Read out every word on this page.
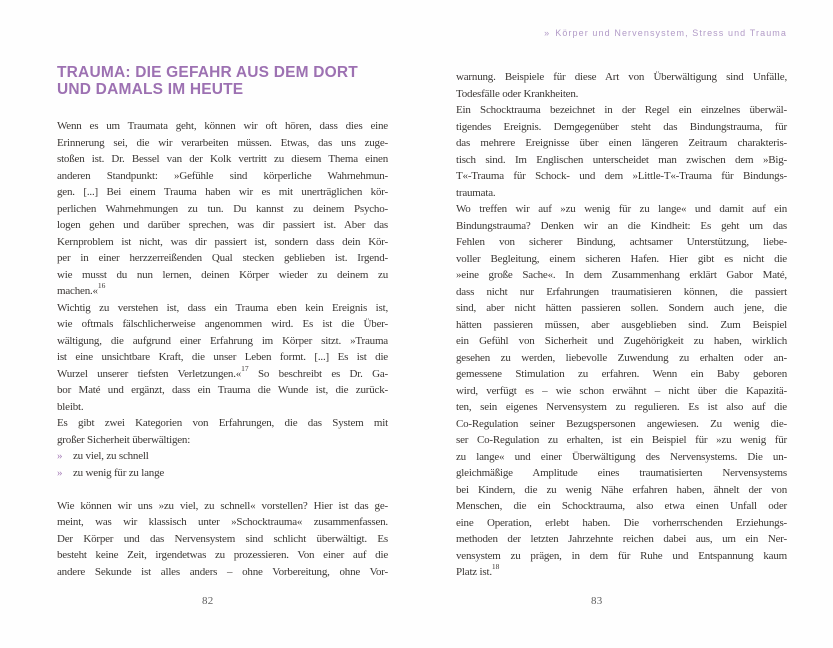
TRAUMA: DIE GEFAHR AUS DEM DORT
UND DAMALS IM HEUTE
Wenn es um Traumata geht, können wir oft hören, dass dies eine
Erinnerung sei, die wir verarbeiten müssen. Etwas, das uns zuge-
stoßen ist. Dr. Bessel van der Kolk vertritt zu diesem Thema einen
anderen Standpunkt: »Gefühle sind körperliche Wahrnehmun-
gen. [...] Bei einem Trauma haben wir es mit unerträglichen kör-
perlichen Wahrnehmungen zu tun. Du kannst zu deinem Psycho-
logen gehen und darüber sprechen, was dir passiert ist. Aber das
Kernproblem ist nicht, was dir passiert ist, sondern dass dein Kör-
per in einer herzzerreißenden Qual stecken geblieben ist. Irgend-
wie musst du nun lernen, deinen Körper wieder zu deinem zu
machen.«$^{16}$
Wichtig zu verstehen ist, dass ein Trauma eben kein Ereignis ist,
wie oftmals fälschlicherweise angenommen wird. Es ist die Über-
wältigung, die aufgrund einer Erfahrung im Körper sitzt. »Trauma
ist eine unsichtbare Kraft, die unser Leben formt. [...] Es ist die
Wurzel unserer tiefsten Verletzungen.«$^{17}$ So beschreibt es Dr. Ga-
bor Maté und ergänzt, dass ein Trauma die Wunde ist, die zurück-
bleibt.
Es gibt zwei Kategorien von Erfahrungen, die das System mit
großer Sicherheit überwältigen:
» zu viel, zu schnell
» zu wenig für zu lange
Wie können wir uns »zu viel, zu schnell« vorstellen? Hier ist das ge-
meint, was wir klassisch unter »Schocktrauma« zusammenfassen.
Der Körper und das Nervensystem sind schlicht überwältigt. Es
besteht keine Zeit, irgendetwas zu prozessieren. Von einer auf die
andere Sekunde ist alles anders – ohne Vorbereitung, ohne Vor-
» Körper und Nervensystem, Stress und Trauma
warnung. Beispiele für diese Art von Überwältigung sind Unfälle,
Todesfälle oder Krankheiten.
Ein Schocktrauma bezeichnet in der Regel ein einzelnes überwäl-
tigendes Ereignis. Demgegenüber steht das Bindungstrauma, für
das mehrere Ereignisse über einen längeren Zeitraum charakteris-
tisch sind. Im Englischen unterscheidet man zwischen dem »Big-
T«-Trauma für Schock- und dem »Little-T«-Trauma für Bindungs-
traumata.
Wo treffen wir auf »zu wenig für zu lange« und damit auf ein
Bindungstrauma? Denken wir an die Kindheit: Es geht um das
Fehlen von sicherer Bindung, achtsamer Unterstützung, liebe-
voller Begleitung, einem sicheren Hafen. Hier gibt es nicht die
»eine große Sache«. In dem Zusammenhang erklärt Gabor Maté,
dass nicht nur Erfahrungen traumatisieren können, die passiert
sind, aber nicht hätten passieren sollen. Sondern auch jene, die
hätten passieren müssen, aber ausgeblieben sind. Zum Beispiel
ein Gefühl von Sicherheit und Zugehörigkeit zu haben, wirklich
gesehen zu werden, liebevolle Zuwendung zu erhalten oder an-
gemessene Stimulation zu erfahren. Wenn ein Baby geboren
wird, verfügt es – wie schon erwähnt – nicht über die Kapazitä-
ten, sein eigenes Nervensystem zu regulieren. Es ist also auf die
Co-Regulation seiner Bezugspersonen angewiesen. Zu wenig die-
ser Co-Regulation zu erhalten, ist ein Beispiel für »zu wenig für
zu lange« und einer Überwältigung des Nervensystems. Die un-
gleichmäßige Amplitude eines traumatisierten Nervensystems
bei Kindern, die zu wenig Nähe erfahren haben, ähnelt der von
Menschen, die ein Schocktrauma, also etwa einen Unfall oder
eine Operation, erlebt haben. Die vorherrschenden Erziehungs-
methoden der letzten Jahrzehnte reichen dabei aus, um ein Ner-
vensystem zu prägen, in dem für Ruhe und Entspannung kaum
Platz ist.$^{18}$
82	83
